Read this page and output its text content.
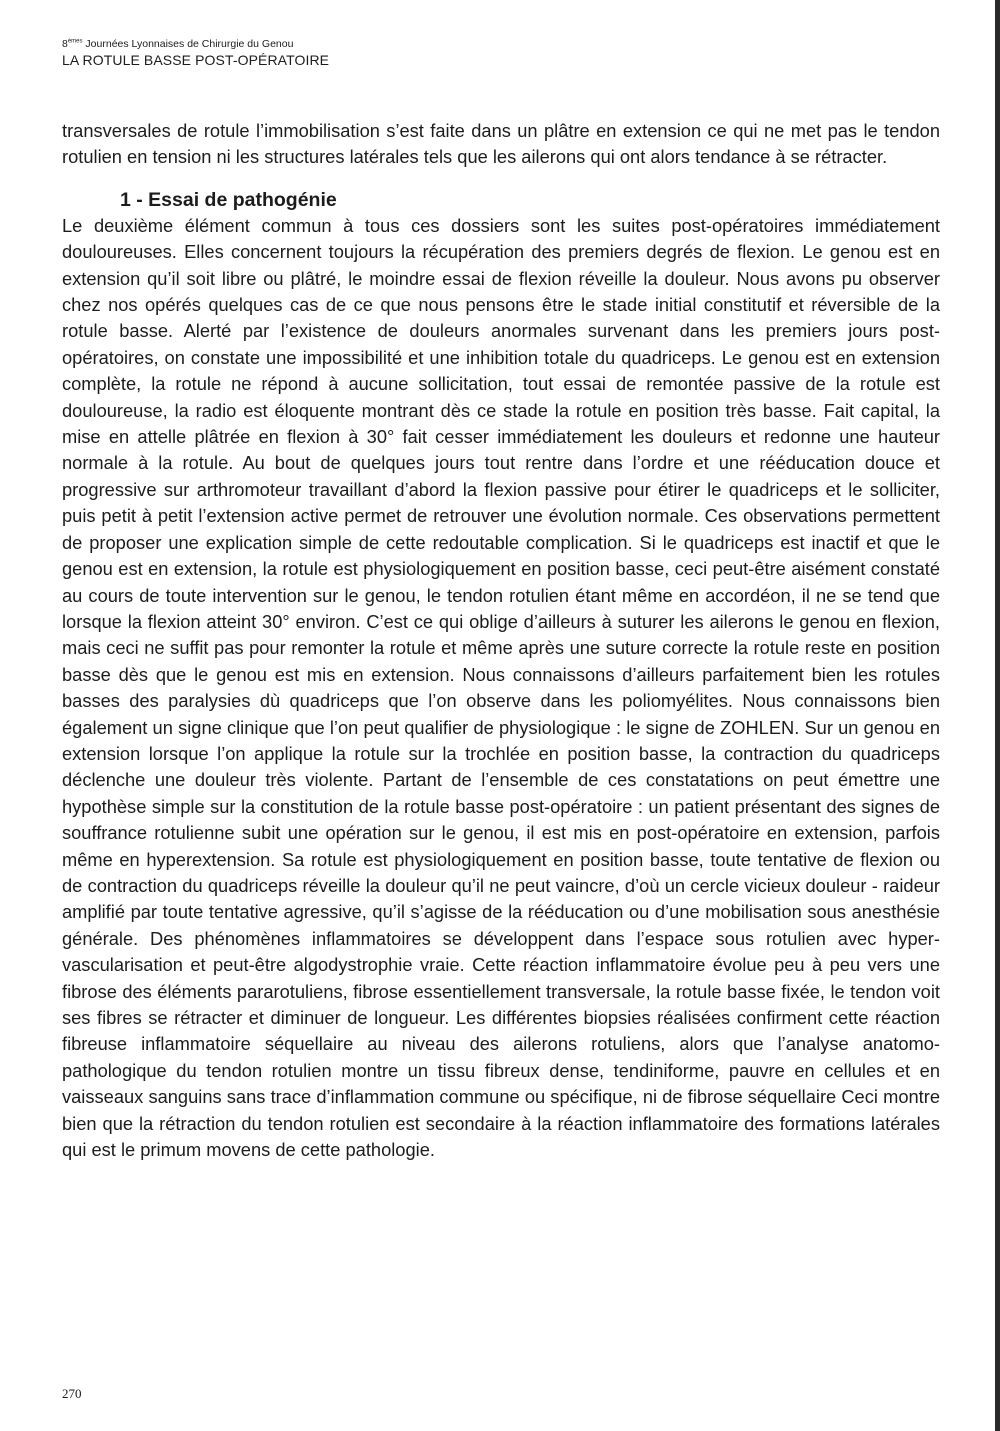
8èmes Journées Lyonnaises de Chirurgie du Genou
LA ROTULE BASSE POST-OPÉRATOIRE

transversales de rotule l’immobilisation s’est faite dans un plâtre en extension ce qui ne met pas le tendon rotulien en tension ni les structures latérales tels que les ailerons qui ont alors tendance à se rétracter.

1 - Essai de pathogénie

Le deuxième élément commun à tous ces dossiers sont les suites post-opératoires immédiatement douloureuses. Elles concernent toujours la récupération des premiers degrés de flexion. Le genou est en extension qu’il soit libre ou plâtré, le moindre essai de flexion réveille la douleur. Nous avons pu observer chez nos opérés quelques cas de ce que nous pensons être le stade initial constitutif et réversible de la rotule basse. Alerté par l’existence de douleurs anormales survenant dans les premiers jours post-opératoires, on constate une impossibilité et une inhibition totale du quadriceps. Le genou est en extension complète, la rotule ne répond à aucune sollicitation, tout essai de remontée passive de la rotule est douloureuse, la radio est éloquente montrant dès ce stade la rotule en position très basse. Fait capital, la mise en attelle plâtrée en flexion à 30° fait cesser immédiatement les douleurs et redonne une hauteur normale à la rotule. Au bout de quelques jours tout rentre dans l’ordre et une rééducation douce et progressive sur arthromoteur travaillant d’abord la flexion passive pour étirer le quadriceps et le solliciter, puis petit à petit l’extension active permet de retrouver une évolution normale. Ces observations permettent de proposer une explication simple de cette redoutable complication. Si le quadriceps est inactif et que le genou est en extension, la rotule est physiologiquement en position basse, ceci peut-être aisément constaté au cours de toute intervention sur le genou, le tendon rotulien étant même en accordéon, il ne se tend que lorsque la flexion atteint 30° environ. C’est ce qui oblige d’ailleurs à suturer les ailerons le genou en flexion, mais ceci ne suffit pas pour remonter la rotule et même après une suture correcte la rotule reste en position basse dès que le genou est mis en extension. Nous connaissons d’ailleurs parfaitement bien les rotules basses des paralysies dù quadriceps que l’on observe dans les poliomyélites. Nous connaissons bien également un signe clinique que l’on peut qualifier de physiologique : le signe de ZOHLEN. Sur un genou en extension lorsque l’on applique la rotule sur la trochlée en position basse, la contraction du quadriceps déclenche une douleur très violente. Partant de l’ensemble de ces constatations on peut émettre une hypothèse simple sur la constitution de la rotule basse post-opératoire : un patient présentant des signes de souffrance rotulienne subit une opération sur le genou, il est mis en post-opératoire en extension, parfois même en hyperextension. Sa rotule est physiologiquement en position basse, toute tentative de flexion ou de contraction du quadriceps réveille la douleur qu’il ne peut vaincre, d’où un cercle vicieux douleur - raideur amplifié par toute tentative agressive, qu’il s’agisse de la rééducation ou d’une mobilisation sous anesthésie générale. Des phénomènes inflammatoires se développent dans l’espace sous rotulien avec hyper-vascularisation et peut-être algodystrophie vraie. Cette réaction inflammatoire évolue peu à peu vers une fibrose des éléments pararotuliens, fibrose essentiellement transversale, la rotule basse fixée, le tendon voit ses fibres se rétracter et diminuer de longueur. Les différentes biopsies réalisées confirment cette réaction fibreuse inflammatoire séquellaire au niveau des ailerons rotuliens, alors que l’analyse anatomo-pathologique du tendon rotulien montre un tissu fibreux dense, tendiniforme, pauvre en cellules et en vaisseaux sanguins sans trace d’inflammation commune ou spécifique, ni de fibrose séquellaire Ceci montre bien que la rétraction du tendon rotulien est secondaire à la réaction inflammatoire des formations latérales qui est le primum movens de cette pathologie.

270
